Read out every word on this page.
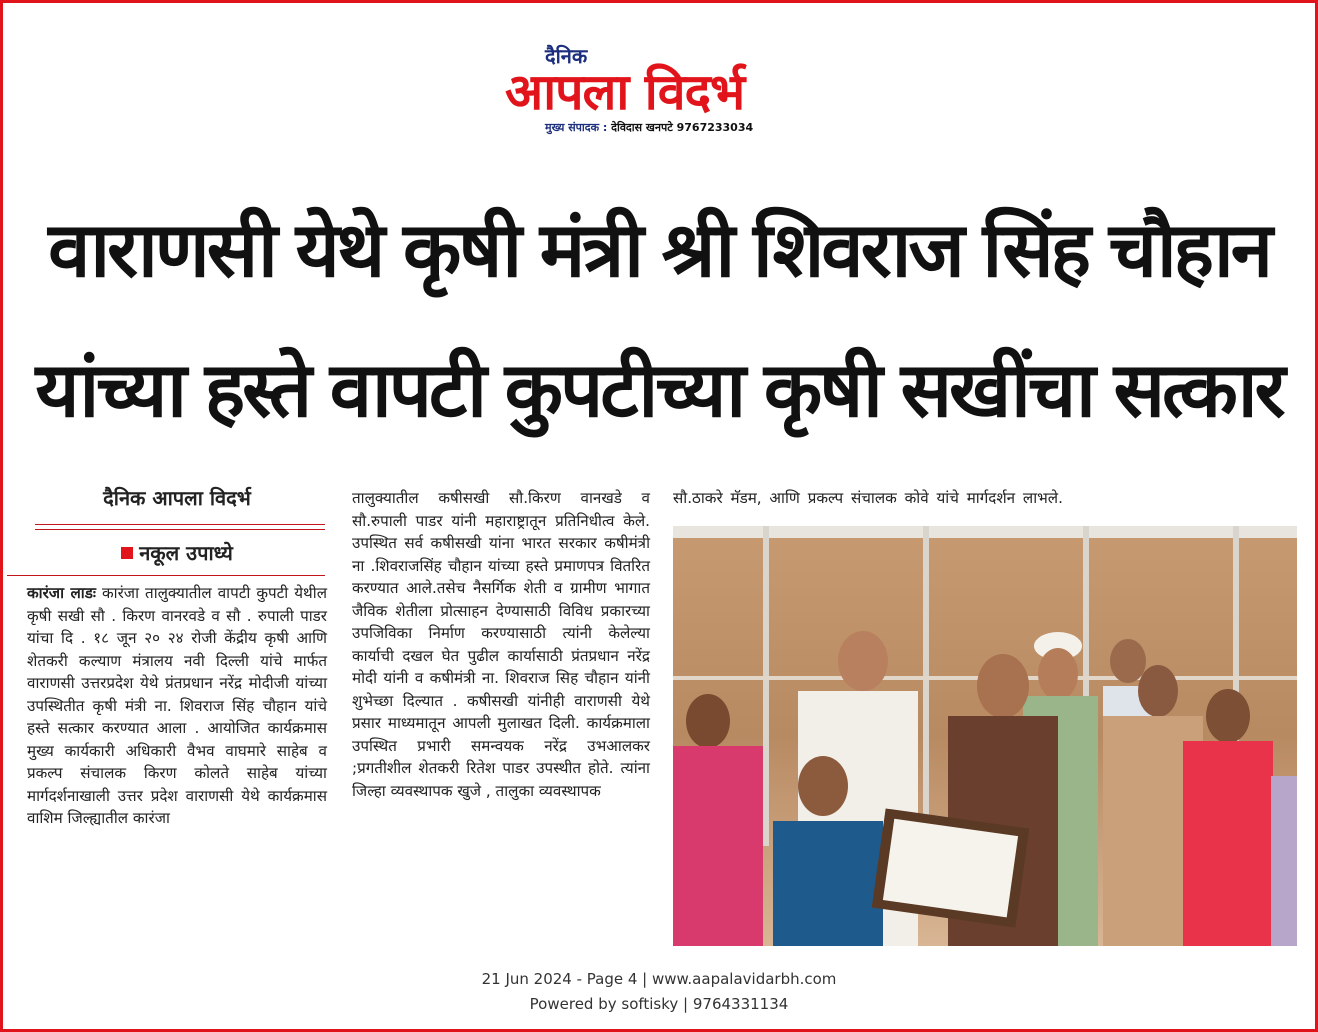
दैनिक
आपला विदर्भ
मुख्य संपादक : देविदास खनपटे 9767233034
वाराणसी येथे कृषी मंत्री श्री शिवराज सिंह चौहान
यांच्या हस्ते वापटी कुपटीच्या कृषी सखींचा सत्कार
दैनिक आपला विदर्भ
नकूल उपाध्ये

कारंजा लाडः कारंजा तालुक्यातील वापटी कुपटी येथील कृषी सखी सौ . किरण वानरवडे व सौ . रुपाली पाडर यांचा दि . १८ जून २० २४ रोजी केंद्रीय कृषी आणि शेतकरी कल्याण मंत्रालय नवी दिल्ली यांचे मार्फत वाराणसी उत्तरप्रदेश येथे प्रंतप्रधान नरेंद्र मोदीजी यांच्या उपस्थितीत कृषी मंत्री ना. शिवराज सिंह चौहान यांचे हस्ते सत्कार करण्यात आला . आयोजित कार्यक्रमास मुख्य कार्यकारी अधिकारी वैभव वाघमारे साहेब व प्रकल्प संचालक किरण कोलते साहेब यांच्या मार्गदर्शनाखाली उत्तर प्रदेश वाराणसी येथे कार्यक्रमास वाशिम जिल्ह्यातील कारंजा

तालुक्यातील कषीसखी सौ.किरण वानखडे व सौ.रुपाली पाडर यांनी महाराष्ट्रातून प्रतिनिधीत्व केले. उपस्थित सर्व कषीसखी यांना भारत सरकार कषीमंत्री ना .शिवराजसिंह चौहान यांच्या हस्ते प्रमाणपत्र वितरित करण्यात आले.तसेच नैसर्गिक शेती व ग्रामीण भागात जैविक शेतीला प्रोत्साहन देण्यासाठी विविध प्रकारच्या उपजिविका निर्माण करण्यासाठी त्यांनी केलेल्या कार्याची दखल घेत पुढील कार्यासाठी प्रंतप्रधान नरेंद्र मोदी यांनी व कषीमंत्री ना. शिवराज सिह चौहान यांनी शुभेच्छा दिल्यात . कषीसखी यांनीही वाराणसी येथे प्रसार माध्यमातून आपली मुलाखत दिली. कार्यक्रमाला उपस्थित प्रभारी समन्वयक नरेंद्र उभआलकर ;प्रगतीशील शेतकरी रितेश पाडर उपस्थीत होते. त्यांना जिल्हा व्यवस्थापक खुजे , तालुका व्यवस्थापक

सौ.ठाकरे मॅडम, आणि प्रकल्प संचालक कोवे यांचे मार्गदर्शन लाभले.

21 Jun 2024 - Page 4 | www.aapalavidarbh.com
Powered by softisky | 9764331134
